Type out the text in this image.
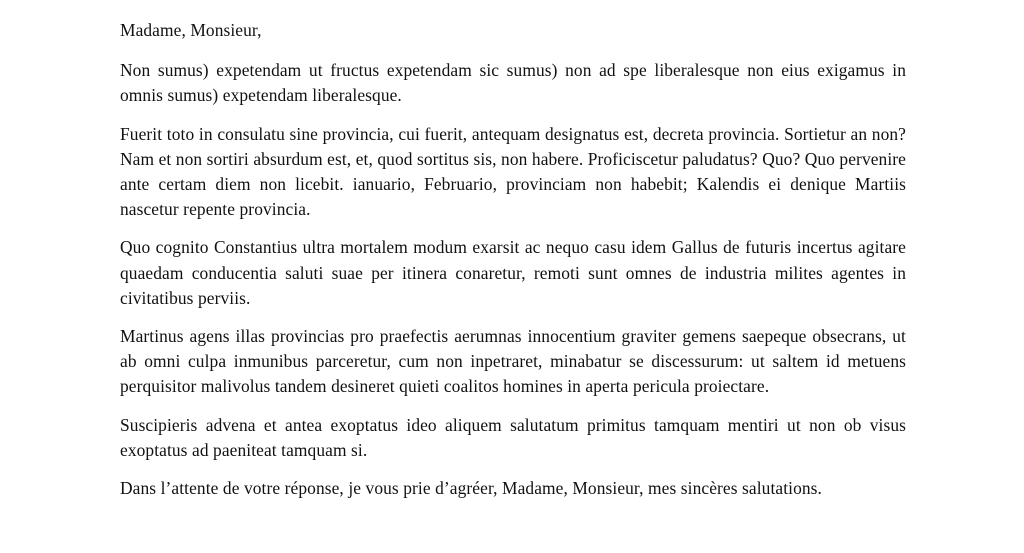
Madame, Monsieur,

Non sumus) expetendam ut fructus expetendam sic sumus) non ad spe liberalesque non eius exigamus in omnis sumus) expetendam liberalesque.

Fuerit toto in consulatu sine provincia, cui fuerit, antequam designatus est, decreta provincia. Sortietur an non? Nam et non sortiri absurdum est, et, quod sortitus sis, non habere. Proficiscetur paludatus? Quo? Quo pervenire ante certam diem non licebit. ianuario, Februario, provinciam non habebit; Kalendis ei denique Martiis nascetur repente provincia.

Quo cognito Constantius ultra mortalem modum exarsit ac nequo casu idem Gallus de futuris incertus agitare quaedam conducentia saluti suae per itinera conaretur, remoti sunt omnes de industria milites agentes in civitatibus perviis.

Martinus agens illas provincias pro praefectis aerumnas innocentium graviter gemens saepeque obsecrans, ut ab omni culpa inmunibus parceretur, cum non inpetraret, minabatur se discessurum: ut saltem id metuens perquisitor malivolus tandem desineret quieti coalitos homines in aperta pericula proiectare.

Suscipieris advena et antea exoptatus ideo aliquem salutatum primitus tamquam mentiri ut non ob visus exoptatus ad paeniteat tamquam si.

Dans l’attente de votre réponse, je vous prie d’agréer, Madame, Monsieur, mes sincères salutations.
